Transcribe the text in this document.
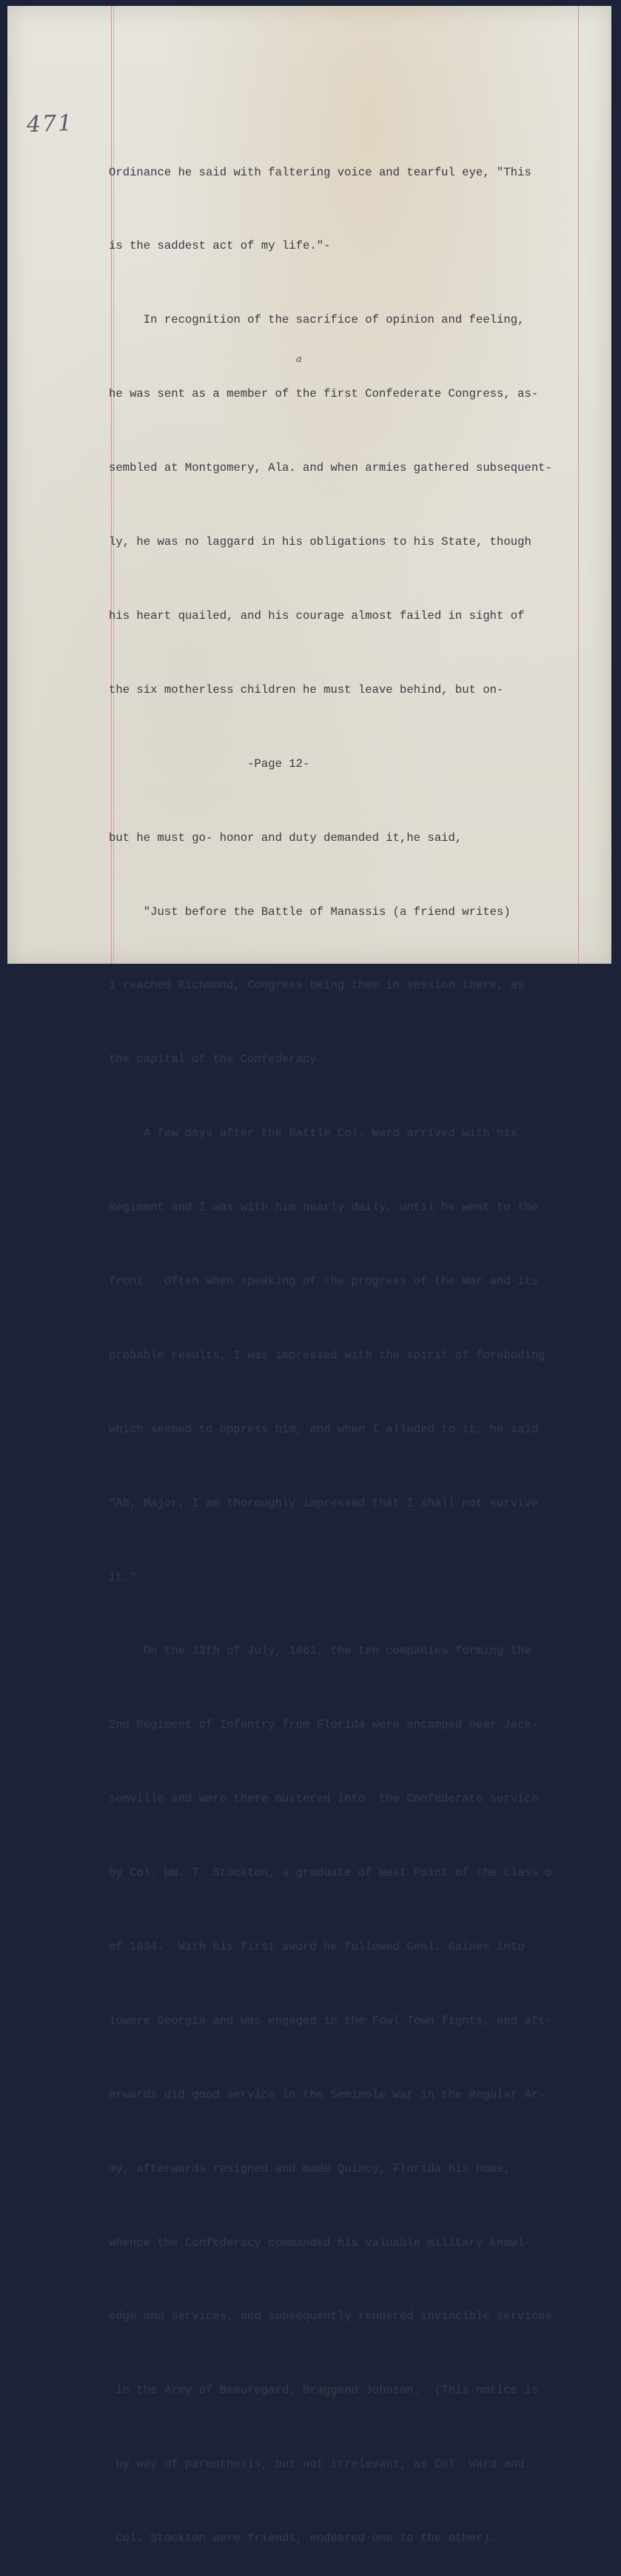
471
a

Ordinance he said with faltering voice and tearful eye, "This

is the saddest act of my life."-

In recognition of the sacrifice of opinion and feeling,

he was sent as a member of the first Confederate Congress, as-

sembled at Montgomery, Ala. and when armies gathered subsequent-

ly, he was no laggard in his obligations to his State, though

his heart quailed, and his courage almost failed in sight of

the six motherless children he must leave behind, but on-

-Page 12-

but he must go- honor and duty demanded it,he said,

"Just before the Battle of Manassis (a friend writes)

I reached Richmond, Congress being them in session there, as

the capital of the Confederacy.

A few days after the Battle Col. Ward arrived with his

Regiment and I was with him nearly daily, until he went to the

front.  Often when speaking of the progress of the War and its

probable results, I was impressed with the spirit of foreboding

which seemed to oppress him, and when I alluded to it, he said

"Ah, Major, I am thoroughly impressed that I shall not survive

it."

On the 13th of July, 1861, the ten companies forming the

2nd Regiment of Infantry from Florida were encamped near Jack-

sonville and were there mustered into  the Confederate service

by Col. Wm. T. Stockton, a graduate of West Point of the class o

of 1834.  With his first sword he followed Genl. Gaines into

lowere Georgia and was engaged in the Fowl Town fights, and aft-

erwards did good service in the Seminole War in the Regular Ar-

my, afterwards resigned and made Quincy, Florida his home,

whence the Confederscy commanded his valuable military knowl-

edge and services, and subsequently rendered invincible services

in the Army of Beauregard, Braggand Johnson.  (This notice is

by way of parenthesis, but not irrelevant, as Col. Ward and

Col. Stockton were friends, endeared one to the other).
